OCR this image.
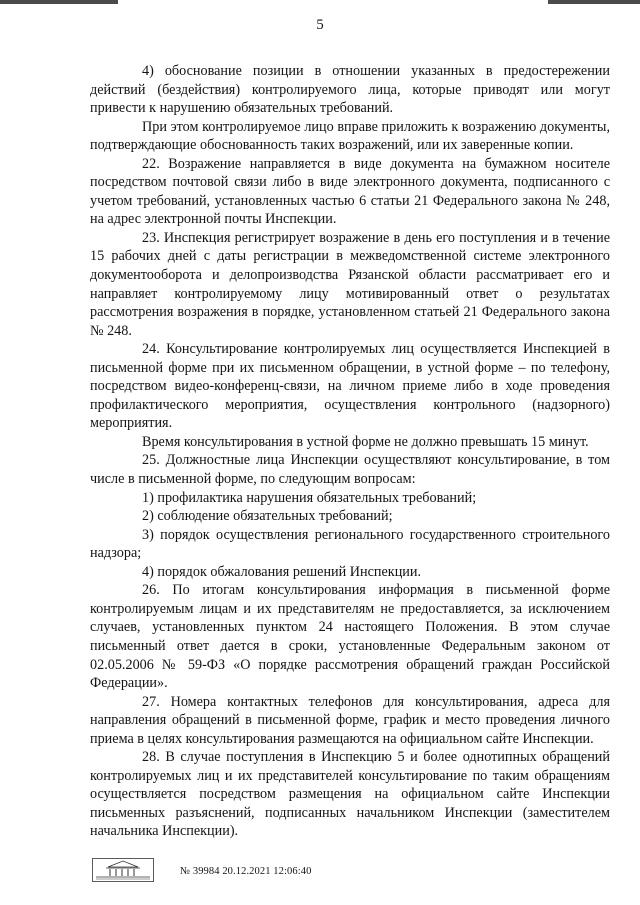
5

4) обоснование позиции в отношении указанных в предостережении действий (бездействия) контролируемого лица, которые приводят или могут привести к нарушению обязательных требований.

При этом контролируемое лицо вправе приложить к возражению документы, подтверждающие обоснованность таких возражений, или их заверенные копии.

22. Возражение направляется в виде документа на бумажном носителе посредством почтовой связи либо в виде электронного документа, подписанного с учетом требований, установленных частью 6 статьи 21 Федерального закона № 248, на адрес электронной почты Инспекции.

23. Инспекция регистрирует возражение в день его поступления и в течение 15 рабочих дней с даты регистрации в межведомственной системе электронного документооборота и делопроизводства Рязанской области рассматривает его и направляет контролируемому лицу мотивированный ответ о результатах рассмотрения возражения в порядке, установленном статьей 21 Федерального закона № 248.

24. Консультирование контролируемых лиц осуществляется Инспекцией в письменной форме при их письменном обращении, в устной форме – по телефону, посредством видео-конференц-связи, на личном приеме либо в ходе проведения профилактического мероприятия, осуществления контрольного (надзорного) мероприятия.

Время консультирования в устной форме не должно превышать 15 минут.

25. Должностные лица Инспекции осуществляют консультирование, в том числе в письменной форме, по следующим вопросам:

1) профилактика нарушения обязательных требований;

2) соблюдение обязательных требований;

3) порядок осуществления регионального государственного строительного надзора;

4) порядок обжалования решений Инспекции.

26. По итогам консультирования информация в письменной форме контролируемым лицам и их представителям не предоставляется, за исключением случаев, установленных пунктом 24 настоящего Положения. В этом случае письменный ответ дается в сроки, установленные Федеральным законом от 02.05.2006 № 59-ФЗ «О порядке рассмотрения обращений граждан Российской Федерации».

27. Номера контактных телефонов для консультирования, адреса для направления обращений в письменной форме, график и место проведения личного приема в целях консультирования размещаются на официальном сайте Инспекции.

28. В случае поступления в Инспекцию 5 и более однотипных обращений контролируемых лиц и их представителей консультирование по таким обращениям осуществляется посредством размещения на официальном сайте Инспекции письменных разъяснений, подписанных начальником Инспекции (заместителем начальника Инспекции).

№ 39984 20.12.2021 12:06:40
